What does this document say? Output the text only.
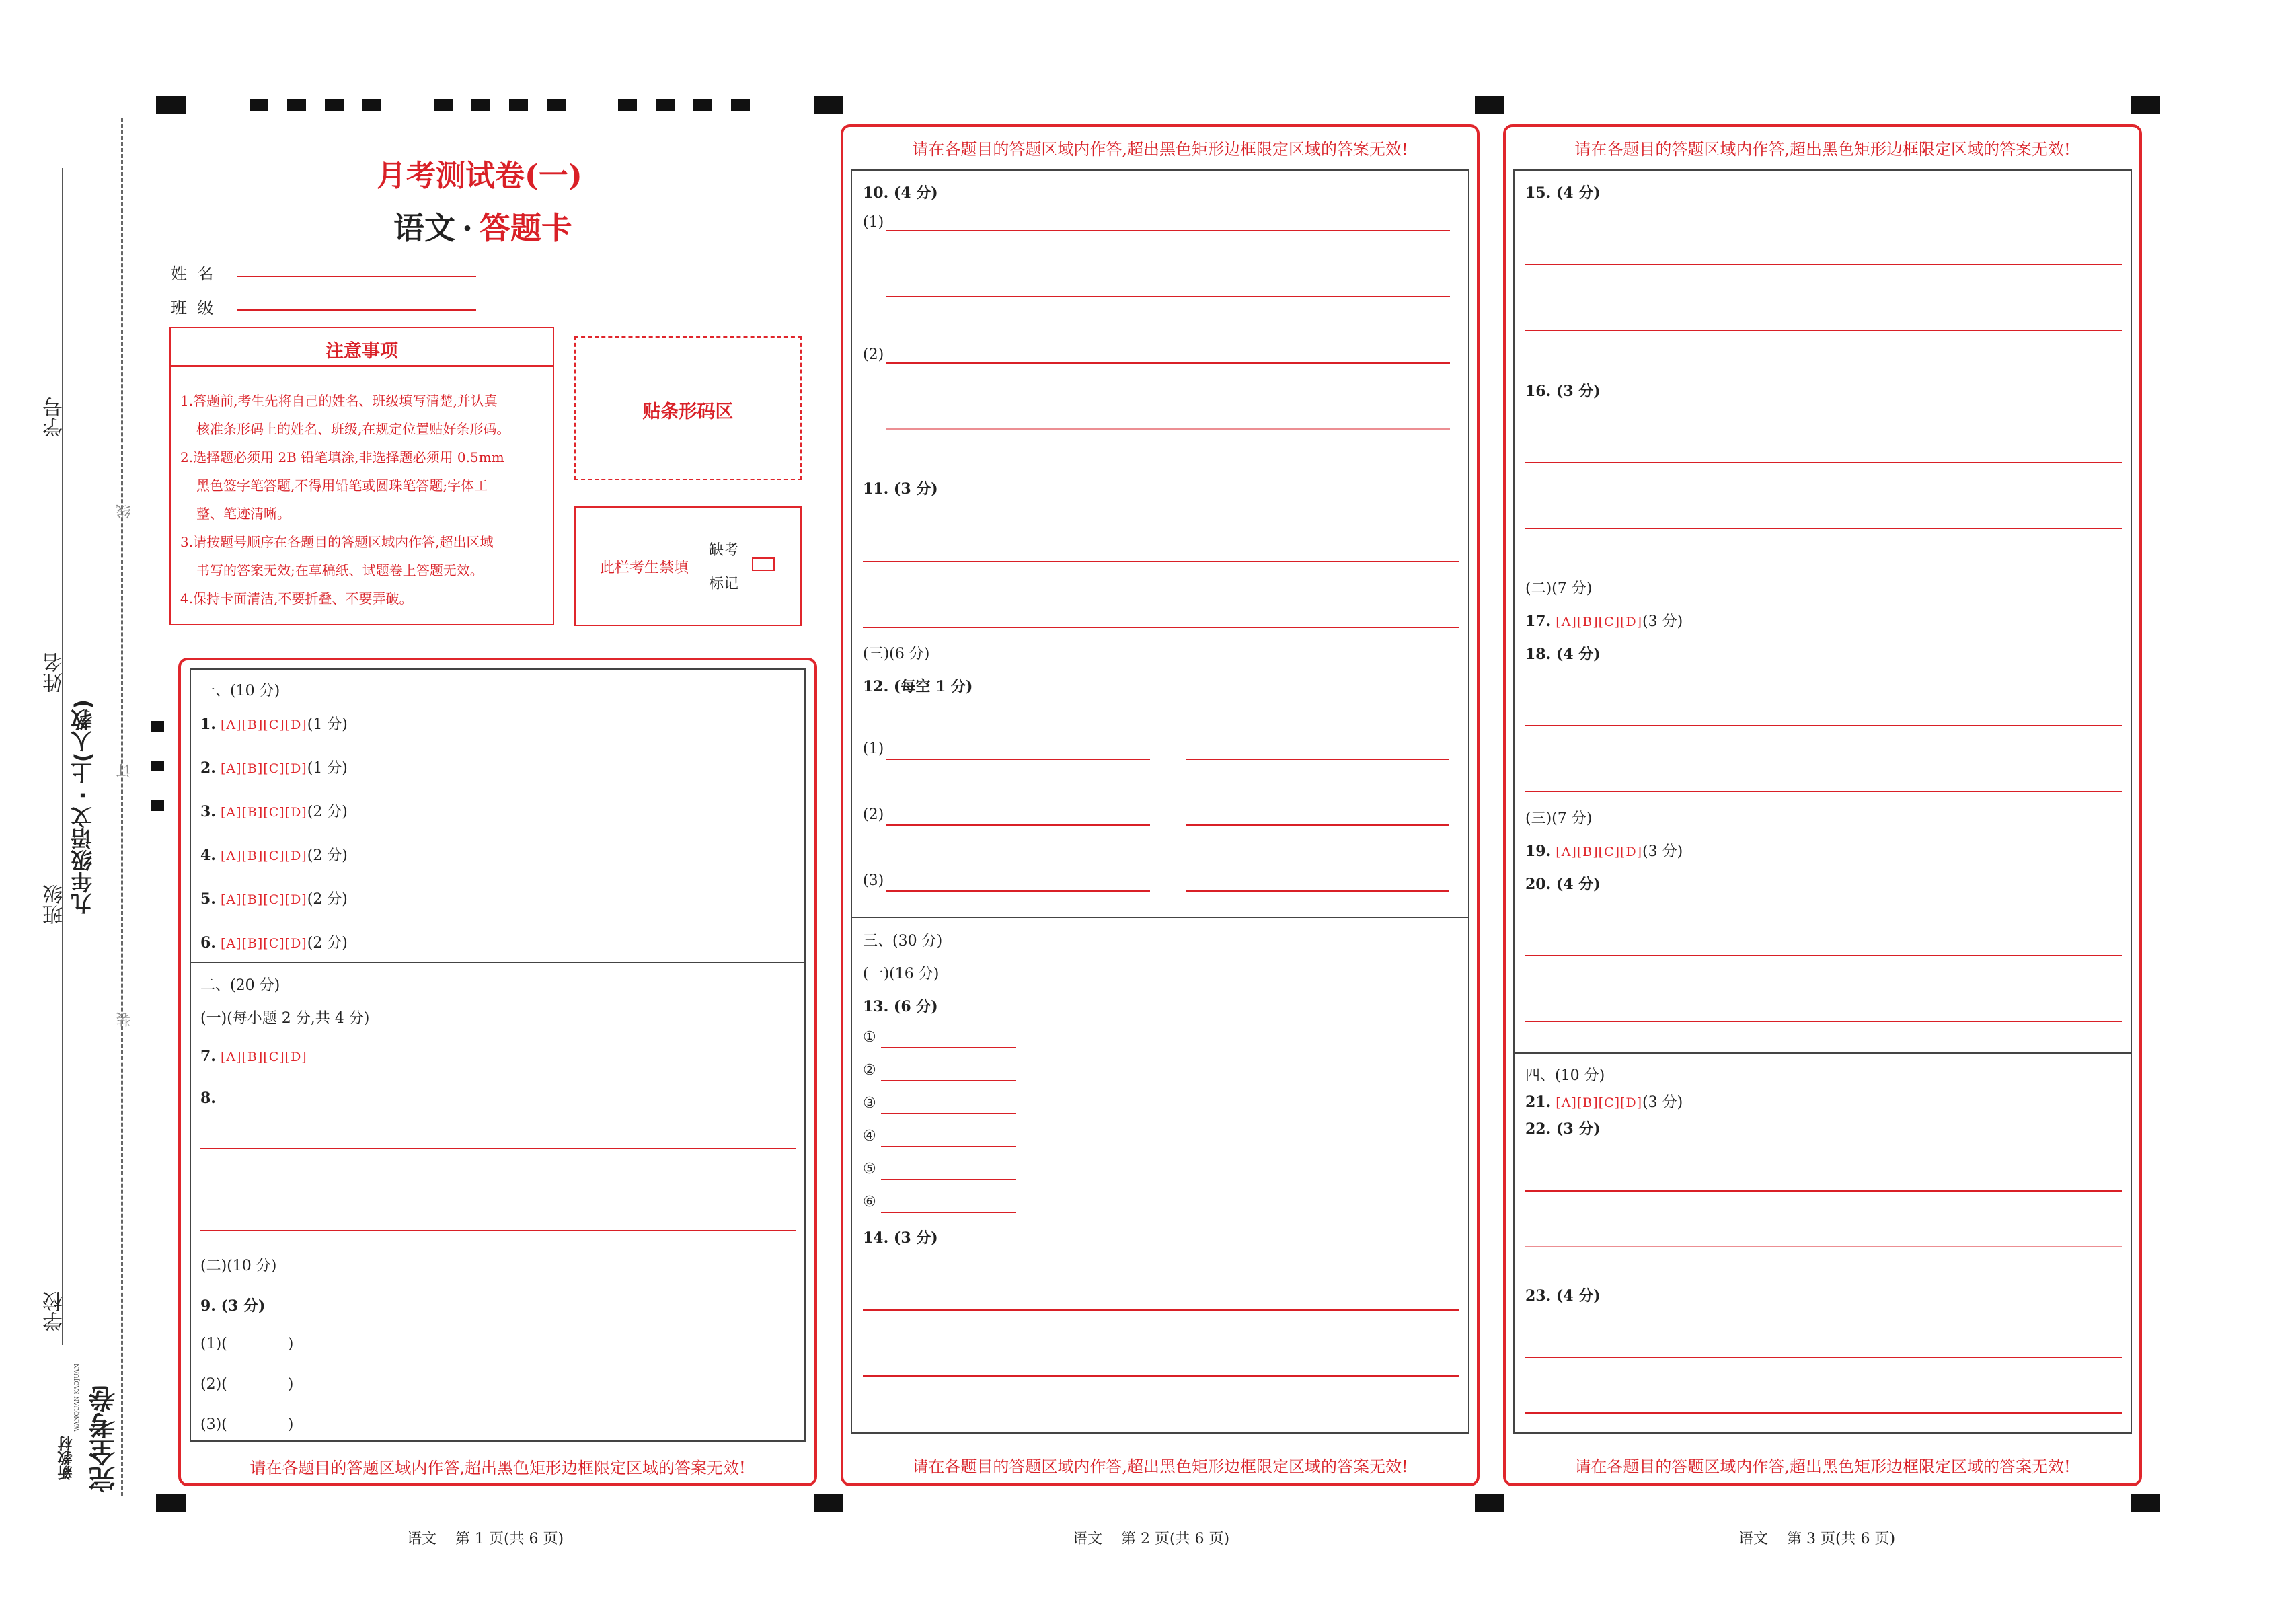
学号
姓名
班级
学校
九年级语文 · 上(人教)
线
订
装
新教材
WANQUAN KAOJUAN 完全考卷
月考测试卷(一)
语文 · 答题卡
姓  名
班  级
注意事项
1.答题前,考生先将自己的姓名、班级填写清楚,并认真
核准条形码上的姓名、班级,在规定位置贴好条形码。
2.选择题必须用 2B 铅笔填涂,非选择题必须用 0.5mm
黑色签字笔答题,不得用铅笔或圆珠笔答题;字体工
整、笔迹清晰。
3.请按题号顺序在各题目的答题区域内作答,超出区域
书写的答案无效;在草稿纸、试题卷上答题无效。
4.保持卡面清洁,不要折叠、不要弄破。
贴条形码区
此栏考生禁填
缺考
标记
一、(10 分)
1. [A][B][C][D](1 分)
2. [A][B][C][D](1 分)
3. [A][B][C][D](2 分)
4. [A][B][C][D](2 分)
5. [A][B][C][D](2 分)
6. [A][B][C][D](2 分)
二、(20 分)
(一)(每小题 2 分,共 4 分)
7. [A][B][C][D]
8.
(二)(10 分)
9. (3 分)
(1)(	)
(2)(	)
(3)(	)
请在各题目的答题区域内作答,超出黑色矩形边框限定区域的答案无效!
语文    第 1 页(共 6 页)
请在各题目的答题区域内作答,超出黑色矩形边框限定区域的答案无效!
10. (4 分)
(1)
(2)
11. (3 分)
(三)(6 分)
12. (每空 1 分)
(1)
(2)
(3)
三、(30 分)
(一)(16 分)
13. (6 分)
①
②
③
④
⑤
⑥
14. (3 分)
请在各题目的答题区域内作答,超出黑色矩形边框限定区域的答案无效!
语文    第 2 页(共 6 页)
请在各题目的答题区域内作答,超出黑色矩形边框限定区域的答案无效!
15. (4 分)
16. (3 分)
(二)(7 分)
17. [A][B][C][D](3 分)
18. (4 分)
(三)(7 分)
19. [A][B][C][D](3 分)
20. (4 分)
四、(10 分)
21. [A][B][C][D](3 分)
22. (3 分)
23. (4 分)
请在各题目的答题区域内作答,超出黑色矩形边框限定区域的答案无效!
语文    第 3 页(共 6 页)
